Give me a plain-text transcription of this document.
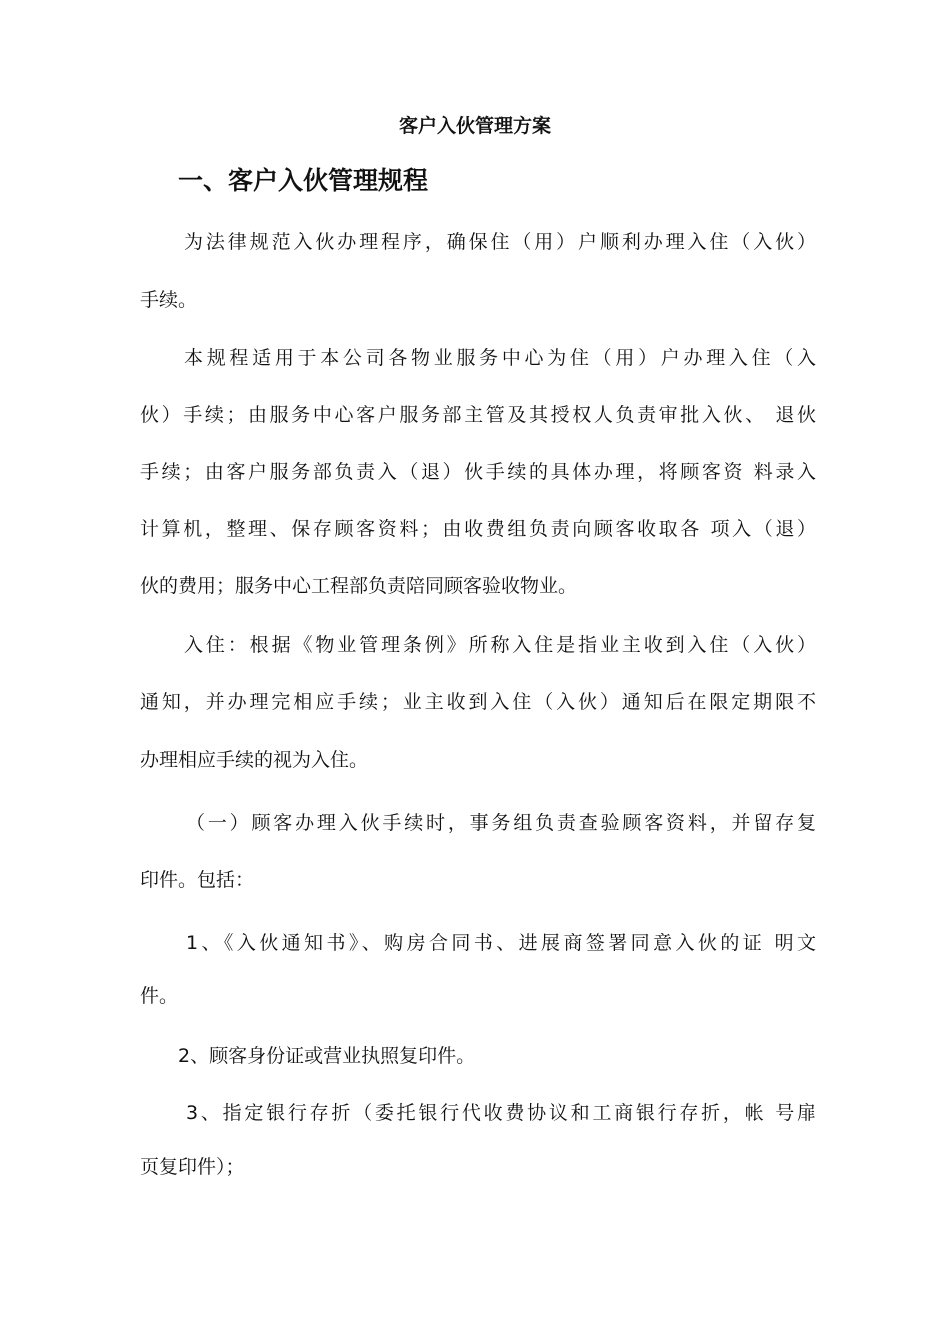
客户入伙管理方案
一、客户入伙管理规程
为法律规范入伙办理程序，确保住（用）户顺利办理入住（入伙）
手续。
本规程适用于本公司各物业服务中心为住（用）户办理入住（入
伙）手续；由服务中心客户服务部主管及其授权人负责审批入伙、 退伙
手续；由客户服务部负责入（退）伙手续的具体办理，将顾客资 料录入
计算机，整理、保存顾客资料；由收费组负责向顾客收取各 项入（退）
伙的费用；服务中心工程部负责陪同顾客验收物业。
入住：根据《物业管理条例》所称入住是指业主收到入住（入伙）
通知，并办理完相应手续；业主收到入住（入伙）通知后在限定期限不
办理相应手续的视为入住。
（一）顾客办理入伙手续时，事务组负责查验顾客资料，并留存复
印件。包括：
1、《入伙通知书》、购房合同书、进展商签署同意入伙的证 明文
件。
2、顾客身份证或营业执照复印件。
3、指定银行存折（委托银行代收费协议和工商银行存折，帐 号扉
页复印件）；
